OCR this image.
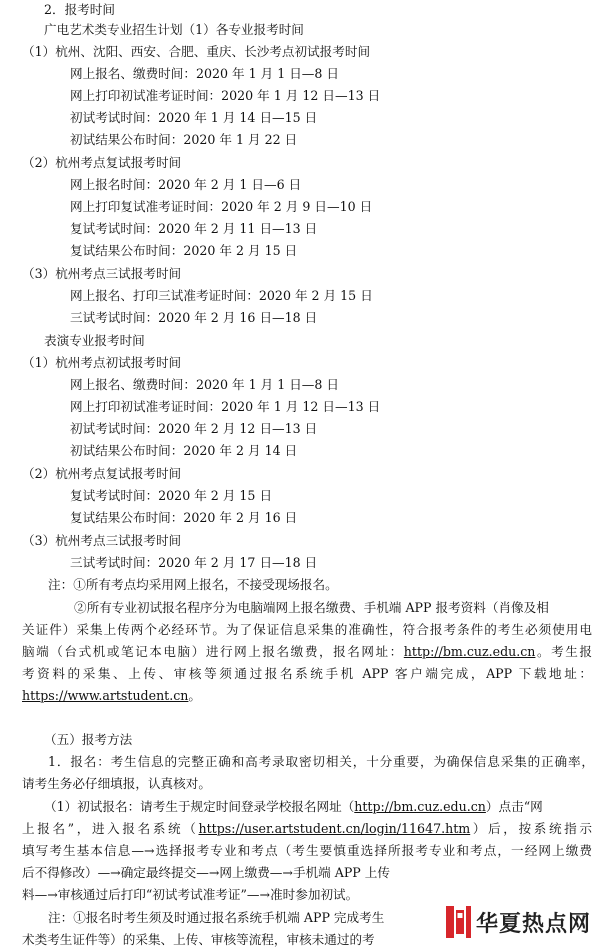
2．报考时间
广电艺术类专业招生计划（1）各专业报考时间
（1）杭州、沈阳、西安、合肥、重庆、长沙考点初试报考时间
网上报名、缴费时间：2020 年 1 月 1 日—8 日
网上打印初试准考证时间：2020 年 1 月 12 日—13 日
初试考试时间：2020 年 1 月 14 日—15 日
初试结果公布时间：2020 年 1 月 22 日
（2）杭州考点复试报考时间
网上报名时间：2020 年 2 月 1 日—6 日
网上打印复试准考证时间：2020 年 2 月 9 日—10 日
复试考试时间：2020 年 2 月 11 日—13 日
复试结果公布时间：2020 年 2 月 15 日
（3）杭州考点三试报考时间
网上报名、打印三试准考证时间：2020 年 2 月 15 日
三试考试时间：2020 年 2 月 16 日—18 日
表演专业报考时间
（1）杭州考点初试报考时间
网上报名、缴费时间：2020 年 1 月 1 日—8 日
网上打印初试准考证时间：2020 年 1 月 12 日—13 日
初试考试时间：2020 年 2 月 12 日—13 日
初试结果公布时间：2020 年 2 月 14 日
（2）杭州考点复试报考时间
复试考试时间：2020 年 2 月 15 日
复试结果公布时间：2020 年 2 月 16 日
（3）杭州考点三试报考时间
三试考试时间：2020 年 2 月 17 日—18 日
注：①所有考点均采用网上报名，不接受现场报名。
②所有专业初试报名程序分为电脑端网上报名缴费、手机端 APP 报考资料（肖像及相
关证件）采集上传两个必经环节。为了保证信息采集的准确性，符合报考条件的考生必须使用电
脑端（台式机或笔记本电脑）进行网上报名缴费，报名网址：http://bm.cuz.edu.cn。考生报
考资料的采集、上传、审核等须通过报名系统手机 APP 客户端完成，APP 下载地址：
https://www.artstudent.cn。
（五）报考方法
1．报名：考生信息的完整正确和高考录取密切相关，十分重要，为确保信息采集的正确率，
请考生务必仔细填报，认真核对。
（1）初试报名：请考生于规定时间登录学校报名网址（http://bm.cuz.edu.cn）点击“网
上报名”，进入报名系统（https://user.artstudent.cn/login/11647.htm）后，按系统指示
填写考生基本信息—→选择报考专业和考点（考生要慎重选择所报考专业和考点，一经网上缴费
后不得修改）—→确定最终提交—→网上缴费—→手机端 APP 上传
料—→审核通过后打印“初试考试准考证”—→准时参加初试。
注：①报名时考生须及时通过报名系统手机端 APP 完成考生
术类考生证件等）的采集、上传、审核等流程，审核未通过的考
华夏热点网
